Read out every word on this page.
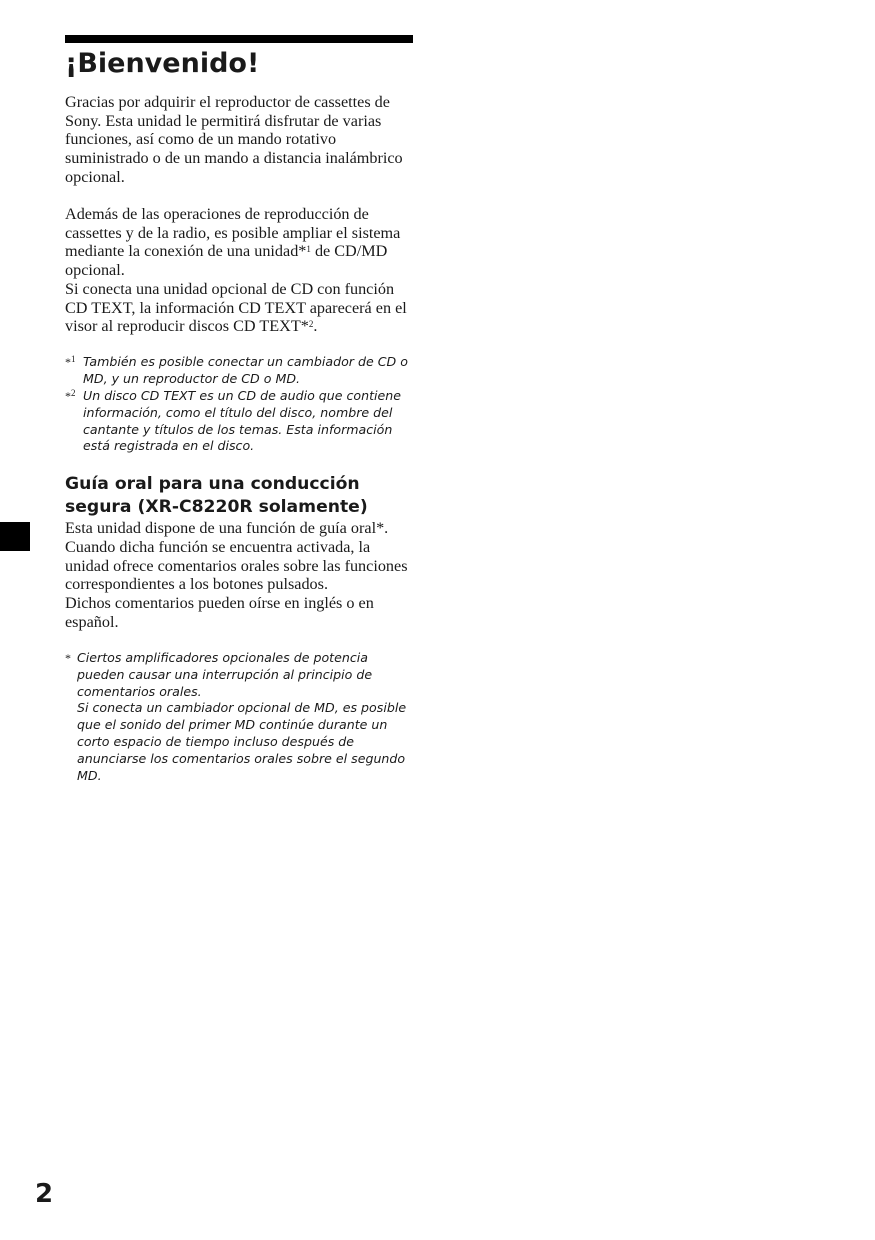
¡Bienvenido!

Gracias por adquirir el reproductor de cassettes de Sony. Esta unidad le permitirá disfrutar de varias funciones, así como de un mando rotativo suministrado o de un mando a distancia inalámbrico opcional.

Además de las operaciones de reproducción de cassettes y de la radio, es posible ampliar el sistema mediante la conexión de una unidad*$^1$ de CD/MD opcional.

Si conecta una unidad opcional de CD con función CD TEXT, la información CD TEXT aparecerá en el visor al reproducir discos CD TEXT*$^2$.

*$^1$ También es posible conectar un cambiador de CD o MD, y un reproductor de CD o MD.
*$^2$ Un disco CD TEXT es un CD de audio que contiene información, como el título del disco, nombre del cantante y títulos de los temas. Esta información está registrada en el disco.
Guía oral para una conducción segura (XR-C8220R solamente)

Esta unidad dispone de una función de guía oral*. Cuando dicha función se encuentra activada, la unidad ofrece comentarios orales sobre las funciones correspondientes a los botones pulsados.

Dichos comentarios pueden oírse en inglés o en español.

* Ciertos amplificadores opcionales de potencia pueden causar una interrupción al principio de comentarios orales.
Si conecta un cambiador opcional de MD, es posible que el sonido del primer MD continúe durante un corto espacio de tiempo incluso después de anunciarse los comentarios orales sobre el segundo MD.

2
